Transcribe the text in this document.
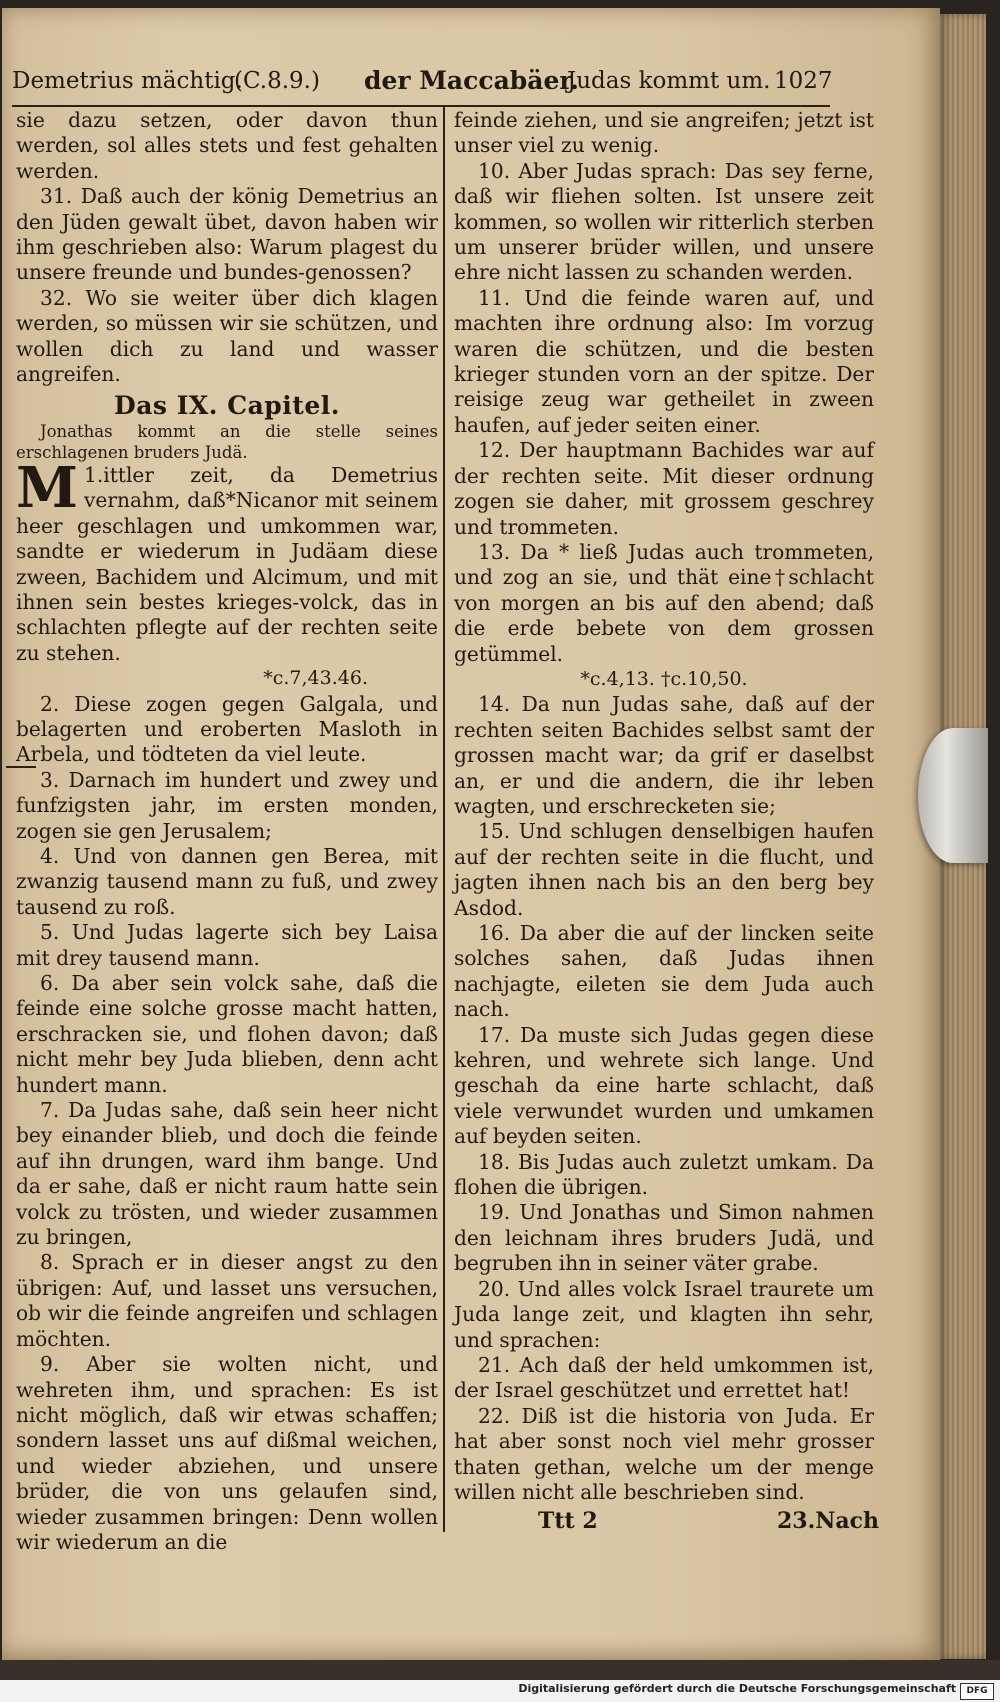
Demetrius mächtig.
(C.8.9.) der Maccabäer.
Judas kommt um. 1027

sie dazu setzen, oder davon thun werden, sol alles stets und fest gehalten werden.

31. Daß auch der könig Demetrius an den Jüden gewalt übet, davon haben wir ihm geschrieben also: Warum plagest du unsere freunde und bundes-genossen?

32. Wo sie weiter über dich klagen werden, so müssen wir sie schützen, und wollen dich zu land und wasser angreifen.

Das IX. Capitel.

Jonathas kommt an die stelle seines erschlagenen bruders Judä.

1.
M ittler zeit, da Demetrius vernahm, daß*Nicanor mit seinem heer geschlagen und umkommen war, sandte er wiederum in Judäam diese zween, Bachidem und Alcimum, und mit ihnen sein bestes krieges-volck, das in schlachten pflegte auf der rechten seite zu stehen.
*c.7,43.46.

2. Diese zogen gegen Galgala, und belagerten und eroberten Masloth in Arbela, und tödteten da viel leute.

3. Darnach im hundert und zwey und funfzigsten jahr, im ersten monden, zogen sie gen Jerusalem;

4. Und von dannen gen Berea, mit zwanzig tausend mann zu fuß, und zwey tausend zu roß.

5. Und Judas lagerte sich bey Laisa mit drey tausend mann.

6. Da aber sein volck sahe, daß die feinde eine solche grosse macht hatten, erschracken sie, und flohen davon; daß nicht mehr bey Juda blieben, denn acht hundert mann.

7. Da Judas sahe, daß sein heer nicht bey einander blieb, und doch die feinde auf ihn drungen, ward ihm bange. Und da er sahe, daß er nicht raum hatte sein volck zu trösten, und wieder zusammen zu bringen,

8. Sprach er in dieser angst zu den übrigen: Auf, und lasset uns versuchen, ob wir die feinde angreifen und schlagen möchten.

9. Aber sie wolten nicht, und wehreten ihm, und sprachen: Es ist nicht möglich, daß wir etwas schaffen; sondern lasset uns auf dißmal weichen, und wieder abziehen, und unsere brüder, die von uns gelaufen sind, wieder zusammen bringen: Denn wollen wir wiederum an die

feinde ziehen, und sie angreifen; jetzt ist unser viel zu wenig.

10. Aber Judas sprach: Das sey ferne, daß wir fliehen solten. Ist unsere zeit kommen, so wollen wir ritterlich sterben um unserer brüder willen, und unsere ehre nicht lassen zu schanden werden.

11. Und die feinde waren auf, und machten ihre ordnung also: Im vorzug waren die schützen, und die besten krieger stunden vorn an der spitze. Der reisige zeug war getheilet in zween haufen, auf jeder seiten einer.

12. Der hauptmann Bachides war auf der rechten seite. Mit dieser ordnung zogen sie daher, mit grossem geschrey und trommeten.

13. Da * ließ Judas auch trommeten, und zog an sie, und thät eine†schlacht von morgen an bis auf den abend; daß die erde bebete von dem grossen getümmel.

*c.4,13. †c.10,50.

14. Da nun Judas sahe, daß auf der rechten seiten Bachides selbst samt der grossen macht war; da grif er daselbst an, er und die andern, die ihr leben wagten, und erschrecketen sie;

15. Und schlugen denselbigen haufen auf der rechten seite in die flucht, und jagten ihnen nach bis an den berg bey Asdod.

16. Da aber die auf der lincken seite solches sahen, daß Judas ihnen nachjagte, eileten sie dem Juda auch nach.

17. Da muste sich Judas gegen diese kehren, und wehrete sich lange. Und geschah da eine harte schlacht, daß viele verwundet wurden und umkamen auf beyden seiten.

18. Bis Judas auch zuletzt umkam. Da flohen die übrigen.

19. Und Jonathas und Simon nahmen den leichnam ihres bruders Judä, und begruben ihn in seiner väter grabe.

20. Und alles volck Israel traurete um Juda lange zeit, und klagten ihn sehr, und sprachen:

21. Ach daß der held umkommen ist, der Israel geschützet und errettet hat!

22. Diß ist die historia von Juda. Er hat aber sonst noch viel mehr grosser thaten gethan, welche um der menge willen nicht alle beschrieben sind.

Ttt 2	23.Nach
Digitalisierung gefördert durch die Deutsche Forschungsgemeinschaft	DFG
